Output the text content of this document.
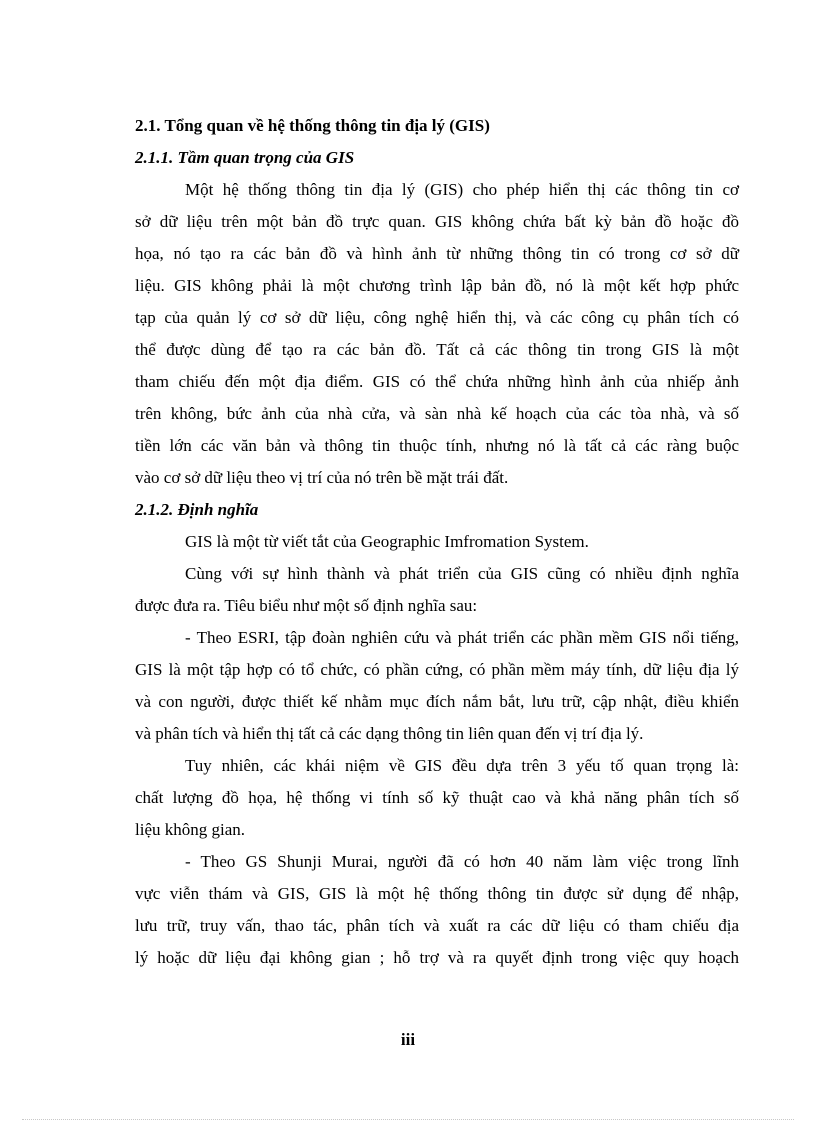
2.1. Tổng quan về hệ thống thông tin địa lý (GIS)
2.1.1. Tầm quan trọng của GIS
Một hệ thống thông tin địa lý (GIS) cho phép hiển thị các thông tin cơ
sở dữ liệu trên một bản đồ trực quan. GIS không chứa bất kỳ bản đồ hoặc đồ
họa, nó tạo ra các bản đồ và hình ảnh từ những thông tin có trong cơ sở dữ
liệu. GIS không phải là một chương trình lập bản đồ, nó là một kết hợp phức
tạp của quản lý cơ sở dữ liệu, công nghệ hiển thị, và các công cụ phân tích có
thể được dùng để tạo ra các bản đồ. Tất cả các thông tin trong GIS là một
tham chiếu đến một địa điểm. GIS có thể chứa những hình ảnh của nhiếp ảnh
trên không, bức ảnh của nhà cửa, và sàn nhà kế hoạch của các tòa nhà, và số
tiền lớn các văn bản và thông tin thuộc tính, nhưng nó là tất cả các ràng buộc
vào cơ sở dữ liệu theo vị trí của nó trên bề mặt trái đất.
2.1.2. Định nghĩa
GIS là một từ viết tắt của Geographic Imfromation System.
Cùng với sự hình thành và phát triển của GIS cũng có nhiều định nghĩa
được đưa ra. Tiêu biểu như một số định nghĩa sau:
- Theo ESRI, tập đoàn nghiên cứu và phát triển các phần mềm GIS nổi tiếng,
GIS là một tập hợp có tổ chức, có phần cứng, có phần mềm máy tính, dữ liệu địa lý
và con người, được thiết kế nhằm mục đích nắm bắt, lưu trữ, cập nhật, điều khiển
và phân tích và hiển thị tất cả các dạng thông tin liên quan đến vị trí địa lý.
Tuy nhiên, các khái niệm về GIS đều dựa trên 3 yếu tố quan trọng là:
chất lượng đồ họa, hệ thống vi tính số kỹ thuật cao và khả năng phân tích số
liệu không gian.
- Theo GS Shunji Murai, người đã có hơn 40 năm làm việc trong lĩnh
vực viễn thám và GIS, GIS là một hệ thống thông tin được sử dụng để nhập,
lưu trữ, truy vấn, thao tác, phân tích và xuất ra các dữ liệu có tham chiếu địa
lý hoặc dữ liệu đại không gian ; hỗ trợ và ra quyết định trong việc quy hoạch
iii
